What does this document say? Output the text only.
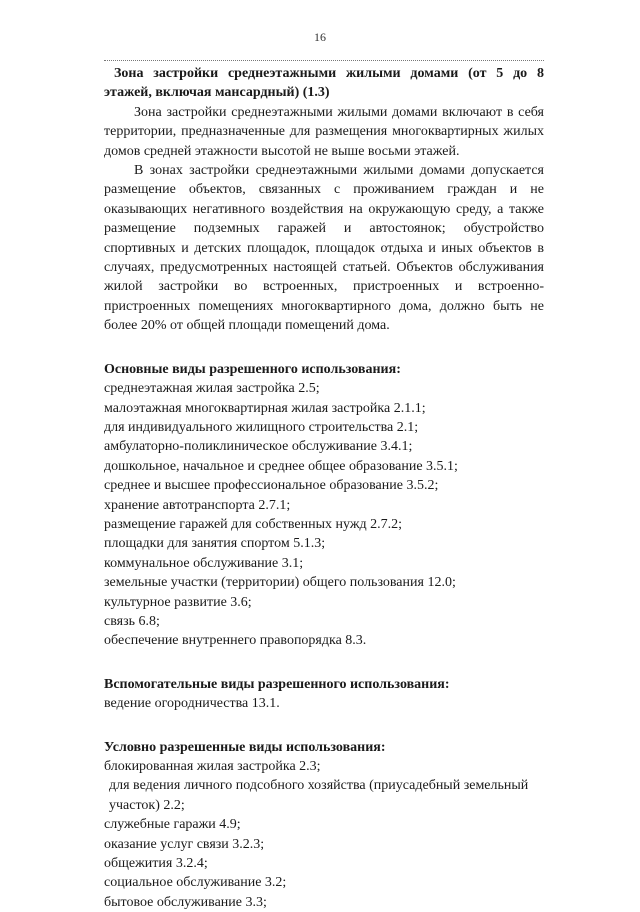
16

Зона застройки среднеэтажными жилыми домами (от 5 до 8 этажей, включая мансардный) (1.3)

Зона застройки среднеэтажными жилыми домами включают в себя территории, предназначенные для размещения многоквартирных жилых домов средней этажности высотой не выше восьми этажей.

В зонах застройки среднеэтажными жилыми домами допускается размещение объектов, связанных с проживанием граждан и не оказывающих негативного воздействия на окружающую среду, а также размещение подземных гаражей и автостоянок; обустройство спортивных и детских площадок, площадок отдыха и иных объектов в случаях, предусмотренных настоящей статьей. Объектов обслуживания жилой застройки во встроенных, пристроенных и встроенно-пристроенных помещениях многоквартирного дома, должно быть не более 20% от общей площади помещений дома.

Основные виды разрешенного использования:

среднеэтажная жилая застройка 2.5;
малоэтажная многоквартирная жилая застройка 2.1.1;
для индивидуального жилищного строительства 2.1;
амбулаторно-поликлиническое обслуживание 3.4.1;
дошкольное, начальное и среднее общее образование 3.5.1;
среднее и высшее профессиональное образование 3.5.2;
хранение автотранспорта 2.7.1;
размещение гаражей для собственных нужд 2.7.2;
площадки для занятия спортом 5.1.3;
коммунальное обслуживание 3.1;
земельные участки (территории) общего пользования 12.0;
культурное развитие 3.6;
связь 6.8;
обеспечение внутреннего правопорядка 8.3.

Вспомогательные виды разрешенного использования:

ведение огородничества 13.1.

Условно разрешенные виды использования:

блокированная жилая застройка 2.3;
для ведения личного подсобного хозяйства (приусадебный земельный участок) 2.2;
служебные гаражи 4.9;
оказание услуг связи 3.2.3;
общежития 3.2.4;
социальное обслуживание 3.2;
бытовое обслуживание 3.3;
